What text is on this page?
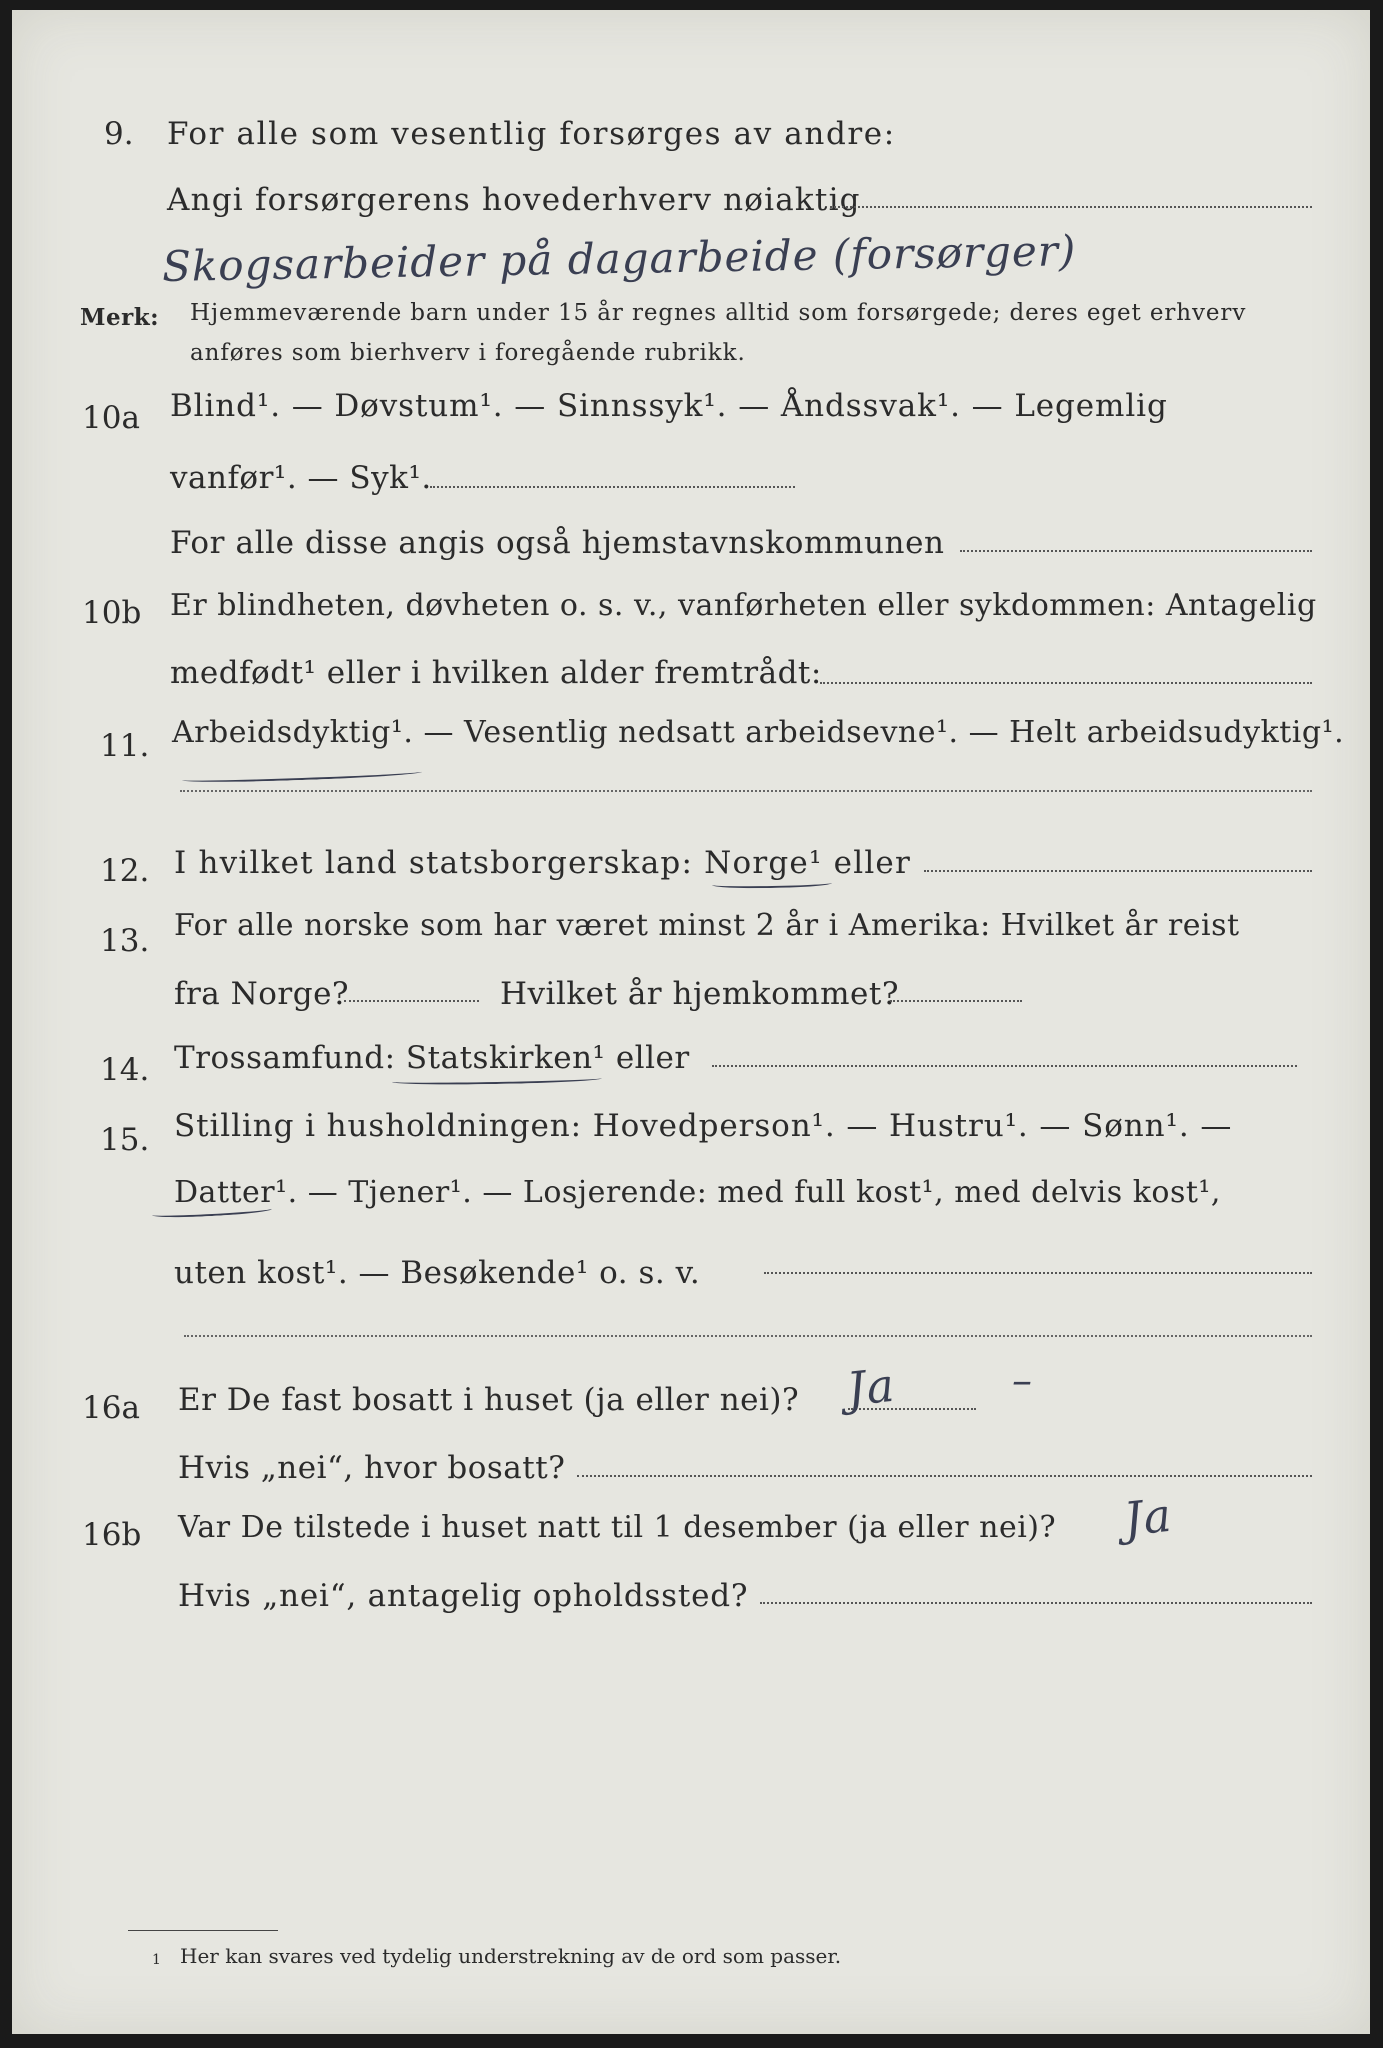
9. For alle som vesentlig forsørges av andre:
Angi forsørgerens hovederhverv nøiaktig
Skogsarbeider på dagarbeide (forsørger)
Merk: Hjemmeværende barn under 15 år regnes alltid som forsørgede; deres eget erhverv
anføres som bierhverv i foregående rubrikk.
10a Blind¹. — Døvstum¹. — Sinnssyk¹. — Åndssvak¹. — Legemlig
vanfør¹. — Syk¹.
For alle disse angis også hjemstavnskommunen
10b Er blindheten, døvheten o. s. v., vanførheten eller sykdommen: Antagelig
medfødt¹ eller i hvilken alder fremtrådt:
11. Arbeidsdyktig¹. — Vesentlig nedsatt arbeidsevne¹. — Helt arbeidsudyktig¹.
12. I hvilket land statsborgerskap: Norge¹ eller
13. For alle norske som har været minst 2 år i Amerika: Hvilket år reist
fra Norge?	Hvilket år hjemkommet?
14. Trossamfund: Statskirken¹ eller
15. Stilling i husholdningen: Hovedperson¹. — Hustru¹. — Sønn¹. —
Datter¹. — Tjener¹. — Losjerende: med full kost¹, med delvis kost¹,
uten kost¹. — Besøkende¹ o. s. v.
16a Er De fast bosatt i huset (ja eller nei)? Ja	–
Hvis „nei“, hvor bosatt?
16b Var De tilstede i huset natt til 1 desember (ja eller nei)? Ja
Hvis „nei“, antagelig opholdssted?
1 Her kan svares ved tydelig understrekning av de ord som passer.
